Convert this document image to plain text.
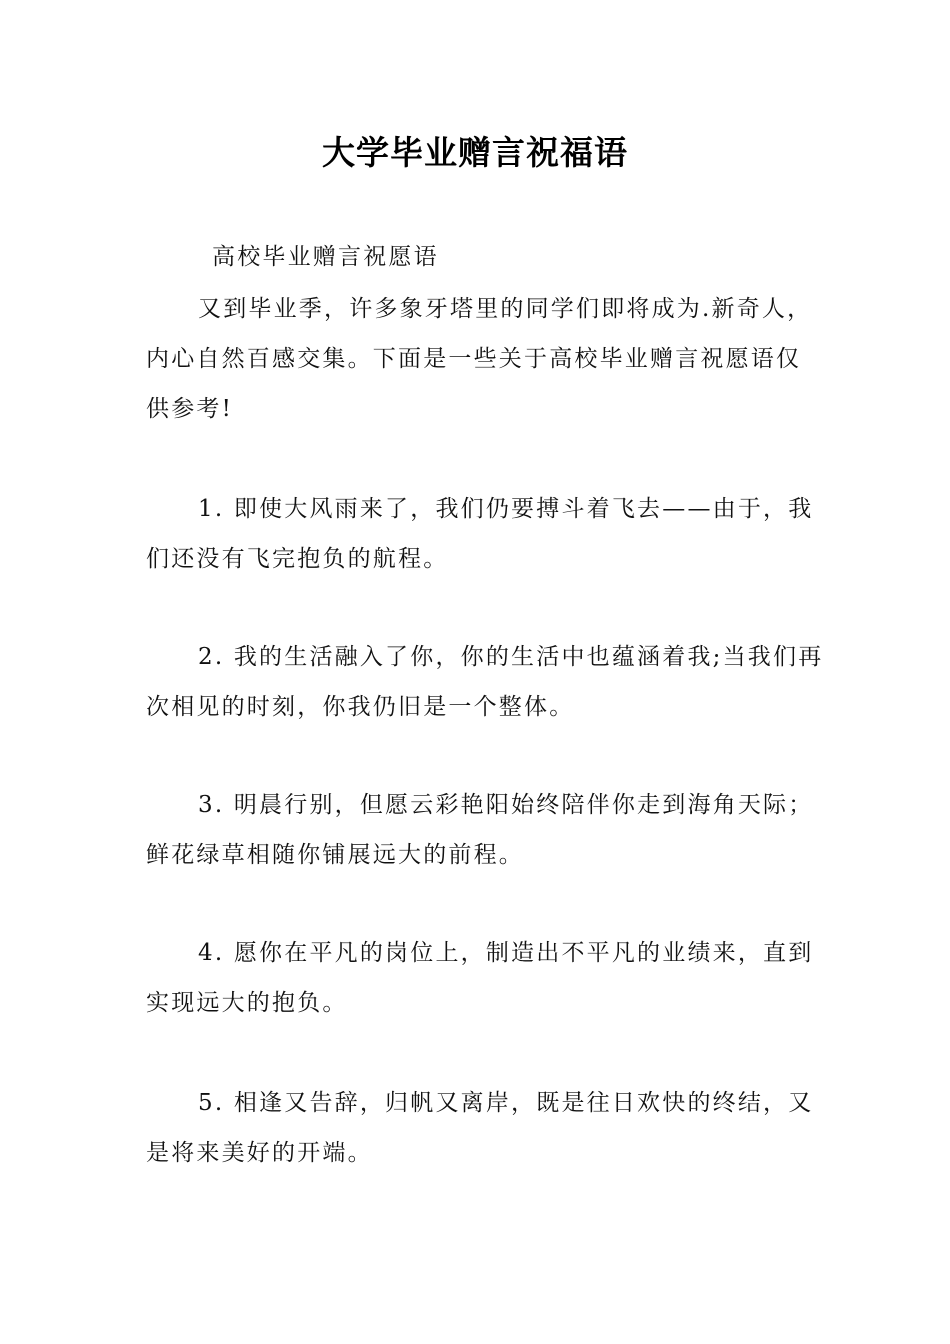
大学毕业赠言祝福语

高校毕业赠言祝愿语

又到毕业季，许多象牙塔里的同学们即将成为.新奇人，内心自然百感交集。下面是一些关于高校毕业赠言祝愿语仅供参考!

1. 即使大风雨来了，我们仍要搏斗着飞去——由于，我们还没有飞完抱负的航程。

2. 我的生活融入了你，你的生活中也蕴涵着我;当我们再次相见的时刻，你我仍旧是一个整体。

3. 明晨行别，但愿云彩艳阳始终陪伴你走到海角天际；鲜花绿草相随你铺展远大的前程。

4. 愿你在平凡的岗位上，制造出不平凡的业绩来，直到实现远大的抱负。

5. 相逢又告辞，归帆又离岸，既是往日欢快的终结，又是将来美好的开端。
